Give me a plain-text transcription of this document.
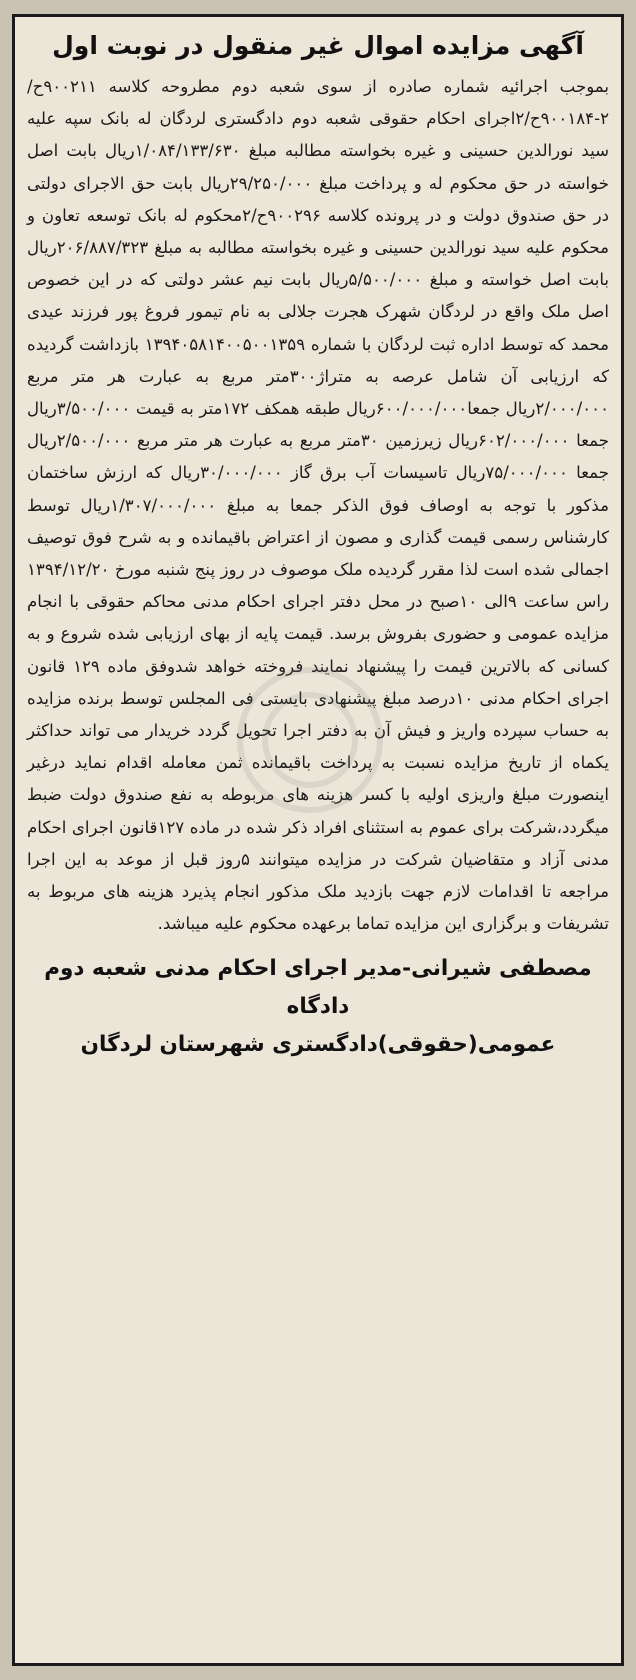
آگهی مزایده اموال غیر منقول در نوبت اول

بموجب اجرائیه شماره صادره از سوی شعبه دوم مطروحه کلاسه ۹۰۰۲۱۱ح/۲-۹۰۰۱۸۴ح/۲اجرای احکام حقوقی شعبه دوم دادگستری لردگان له بانک سپه علیه سید نورالدین حسینی و غیره بخواسته مطالبه مبلغ ۱/۰۸۴/۱۳۳/۶۳۰ریال بابت اصل خواسته در حق محکوم له و پرداخت مبلغ ۲۹/۲۵۰/۰۰۰ریال بابت حق الاجرای دولتی در حق صندوق دولت و در پرونده کلاسه ۹۰۰۲۹۶ح/۲محکوم له بانک توسعه تعاون و محکوم علیه سید نورالدین حسینی و غیره بخواسته مطالبه به مبلغ ۲۰۶/۸۸۷/۳۲۳ریال بابت اصل خواسته و مبلغ ۵/۵۰۰/۰۰۰ریال بابت نیم عشر دولتی که در این خصوص اصل ملک واقع در لردگان شهرک هجرت جلالی به نام تیمور فروغ پور فرزند عیدی محمد که توسط اداره ثبت لردگان با شماره ۱۳۹۴۰۵۸۱۴۰۰۵۰۰۱۳۵۹ بازداشت گردیده که ارزیابی آن شامل عرصه به متراژ۳۰۰متر مربع به عبارت هر متر مربع ۲/۰۰۰/۰۰۰ریال جمعا۶۰۰/۰۰۰/۰۰۰ریال طبقه همکف ۱۷۲متر به قیمت ۳/۵۰۰/۰۰۰ریال جمعا ۶۰۲/۰۰۰/۰۰۰ریال زیرزمین ۳۰متر مربع به عبارت هر متر مربع ۲/۵۰۰/۰۰۰ریال جمعا ۷۵/۰۰۰/۰۰۰ریال تاسیسات آب برق گاز ۳۰/۰۰۰/۰۰۰ریال که ارزش ساختمان مذکور با توجه به اوصاف فوق الذکر جمعا به مبلغ ۱/۳۰۷/۰۰۰/۰۰۰ریال توسط کارشناس رسمی قیمت گذاری و مصون از اعتراض باقیمانده و به شرح فوق توصیف اجمالی شده است لذا مقرر گردیده ملک موصوف در روز پنج شنبه مورخ ۱۳۹۴/۱۲/۲۰ راس ساعت ۹الی ۱۰صبح در محل دفتر اجرای احکام مدنی محاکم حقوقی با انجام مزایده عمومی و حضوری بفروش برسد. قیمت پایه از بهای ارزیابی شده شروع و به کسانی که بالاترین قیمت را پیشنهاد نمایند فروخته خواهد شدوفق ماده ۱۲۹ قانون اجرای احکام مدنی ۱۰درصد مبلغ پیشنهادی بایستی فی المجلس توسط برنده مزایده به حساب سپرده واریز و فیش آن به دفتر اجرا تحویل گردد خریدار می تواند حداکثر یکماه از تاریخ مزایده نسبت به پرداخت باقیمانده ثمن معامله اقدام نماید درغیر اینصورت مبلغ واریزی اولیه با کسر هزینه های مربوطه به نفع صندوق دولت ضبط میگردد،شرکت برای عموم به استثنای افراد ذکر شده در ماده ۱۲۷قانون اجرای احکام مدنی آزاد و متقاضیان شرکت در مزایده میتوانند ۵روز قبل از موعد به این اجرا مراجعه تا اقدامات لازم جهت بازدید ملک مذکور انجام پذیرد هزینه های مربوط به تشریفات و برگزاری این مزایده تماما برعهده محکوم علیه میباشد.

مصطفی شیرانی-مدیر اجرای احکام مدنی شعبه دوم دادگاه
عمومی(حقوقی)دادگستری شهرستان لردگان
